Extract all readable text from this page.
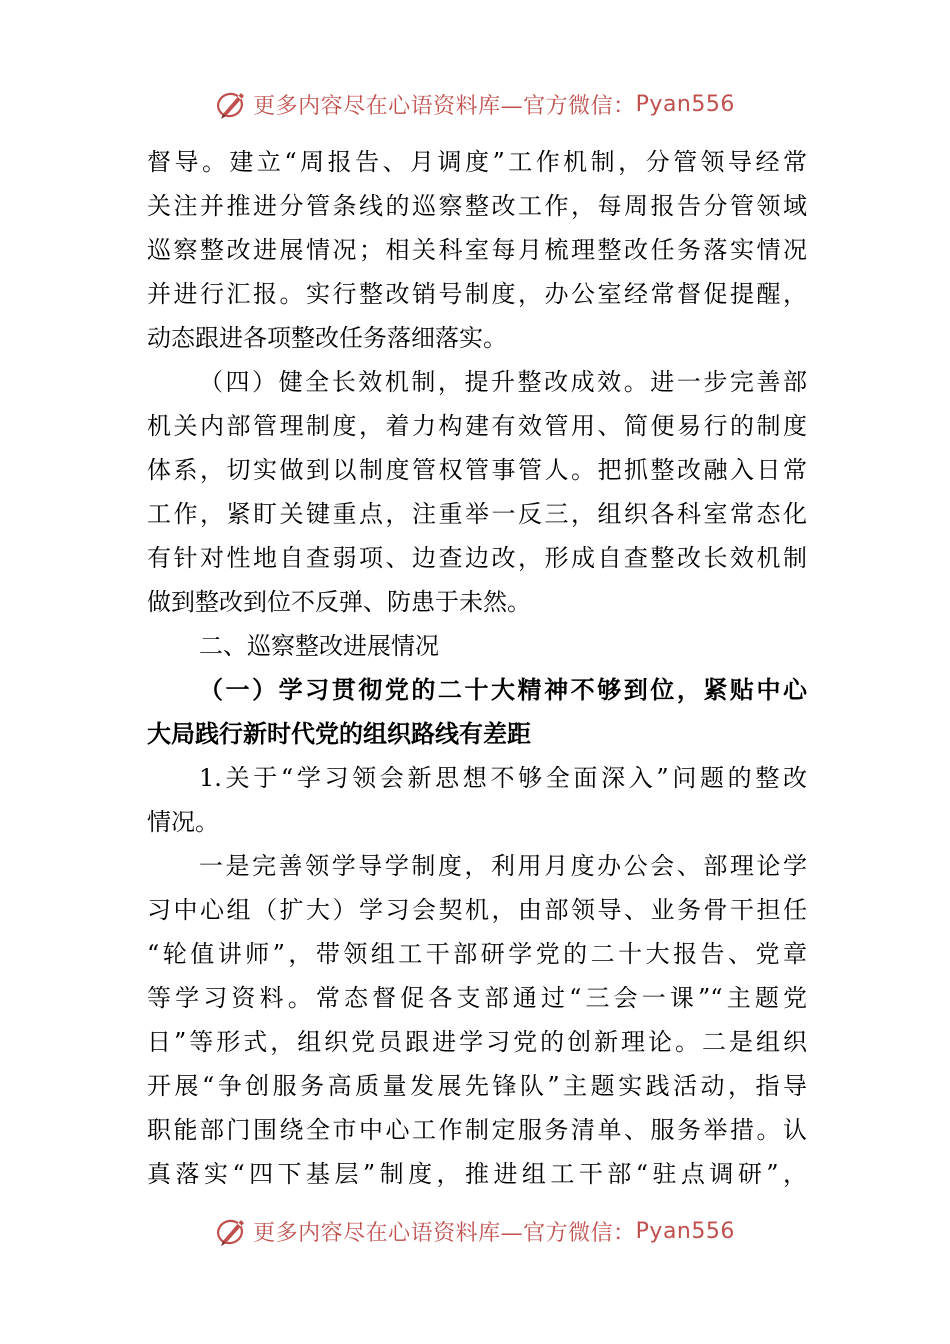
更多内容尽在心语资料库—官方微信： Pyan556
督导。建立“周报告、月调度”工作机制，分管领导经常
关注并推进分管条线的巡察整改工作，每周报告分管领域
巡察整改进展情况；相关科室每月梳理整改任务落实情况
并进行汇报。实行整改销号制度，办公室经常督促提醒，
动态跟进各项整改任务落细落实。
（四）健全长效机制，提升整改成效。进一步完善部
机关内部管理制度，着力构建有效管用、简便易行的制度
体系，切实做到以制度管权管事管人。把抓整改融入日常
工作，紧盯关键重点，注重举一反三，组织各科室常态化
有针对性地自查弱项、边查边改，形成自查整改长效机制
做到整改到位不反弹、防患于未然。
二、巡察整改进展情况
（一）学习贯彻党的二十大精神不够到位，紧贴中心
大局践行新时代党的组织路线有差距
1.关于“学习领会新思想不够全面深入”问题的整改
情况。
一是完善领学导学制度，利用月度办公会、部理论学
习中心组（扩大）学习会契机，由部领导、业务骨干担任
“轮值讲师”，带领组工干部研学党的二十大报告、党章
等学习资料。常态督促各支部通过“三会一课”“主题党
日”等形式，组织党员跟进学习党的创新理论。二是组织
开展“争创服务高质量发展先锋队”主题实践活动，指导
职能部门围绕全市中心工作制定服务清单、服务举措。认
真落实“四下基层”制度，推进组工干部“驻点调研”，
更多内容尽在心语资料库—官方微信： Pyan556
